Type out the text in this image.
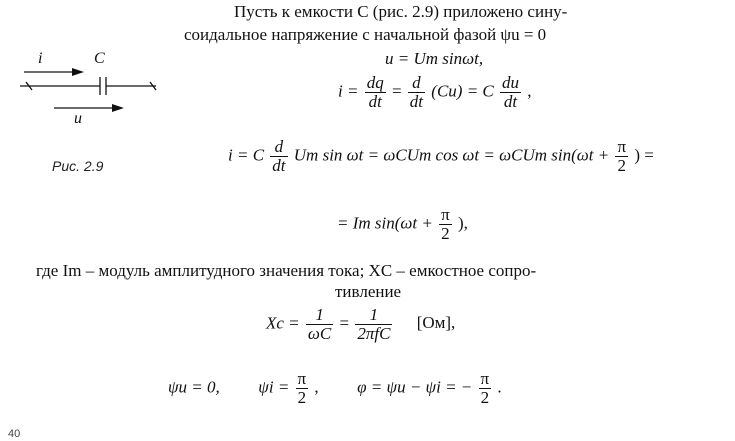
Пусть к емкости C (рис. 2.9) приложено сину-
соидальное напряжение с начальной фазой ψu = 0
i	C
u
Рис. 2.9
u = Um sinωt,
$i = \frac{dq}{dt} = \frac{d}{dt} (Cu) = C \frac{du}{dt}$ ,
i = C $\frac{d}{dt}$ Um sin ωt = ωCUm cos ωt = ωCUm $\sin(\omega t + \frac{\pi}{2}$ ) =
= Im $\sin(\omega t + \frac{\pi}{2}$ ),
где Im – модуль амплитудного значения тока; XC – емкостное сопро-
тивление
$Xc = \frac{1}{\omega C} = \frac{1}{\text{2πfC}} [Ом]$,
ψu = 0, $\psi i = \frac{\pi}{2}$ , φ = ψu − ψi = − $\frac{\pi}{2}$ .
40
